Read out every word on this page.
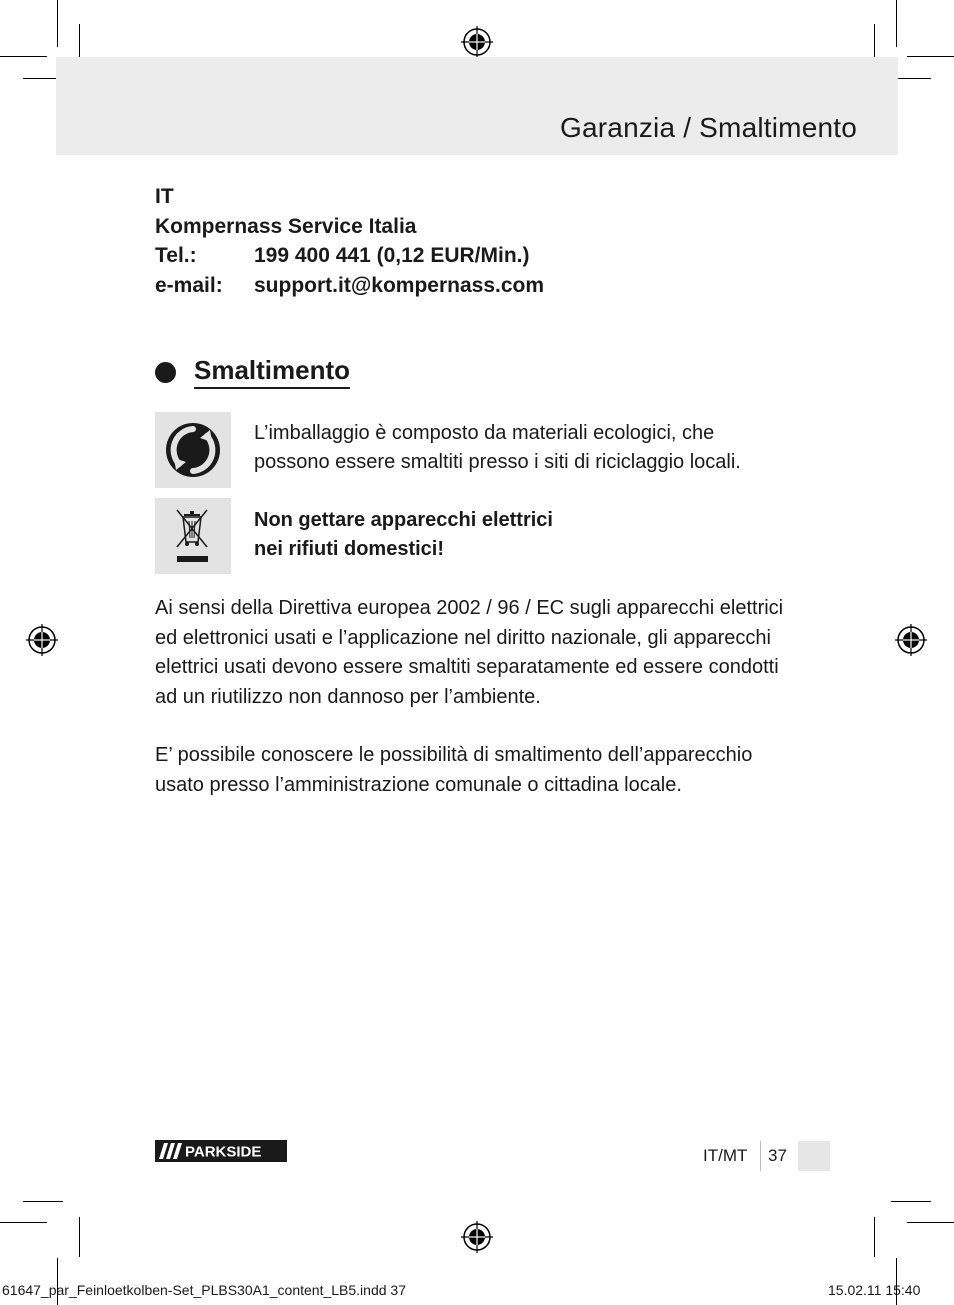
Garanzia / Smaltimento
IT
Kompernass Service Italia
Tel.:	199 400 441 (0,12 EUR/Min.)
e-mail:	support.it@kompernass.com
Smaltimento
L’imballaggio è composto da materiali ecologici, che
possono essere smaltiti presso i siti di riciclaggio locali.
Non gettare apparecchi elettrici
nei rifiuti domestici!
Ai sensi della Direttiva europea 2002 / 96 / EC sugli apparecchi elettrici
ed elettronici usati e l’applicazione nel diritto nazionale, gli apparecchi
elettrici usati devono essere smaltiti separatamente ed essere condotti
ad un riutilizzo non dannoso per l’ambiente.
E’ possibile conoscere le possibilità di smaltimento dell’apparecchio
usato presso l’amministrazione comunale o cittadina locale.
PARKSIDE	IT/MT 37
61647_par_Feinloetkolben-Set_PLBS30A1_content_LB5.indd 37	15.02.11 15:40
